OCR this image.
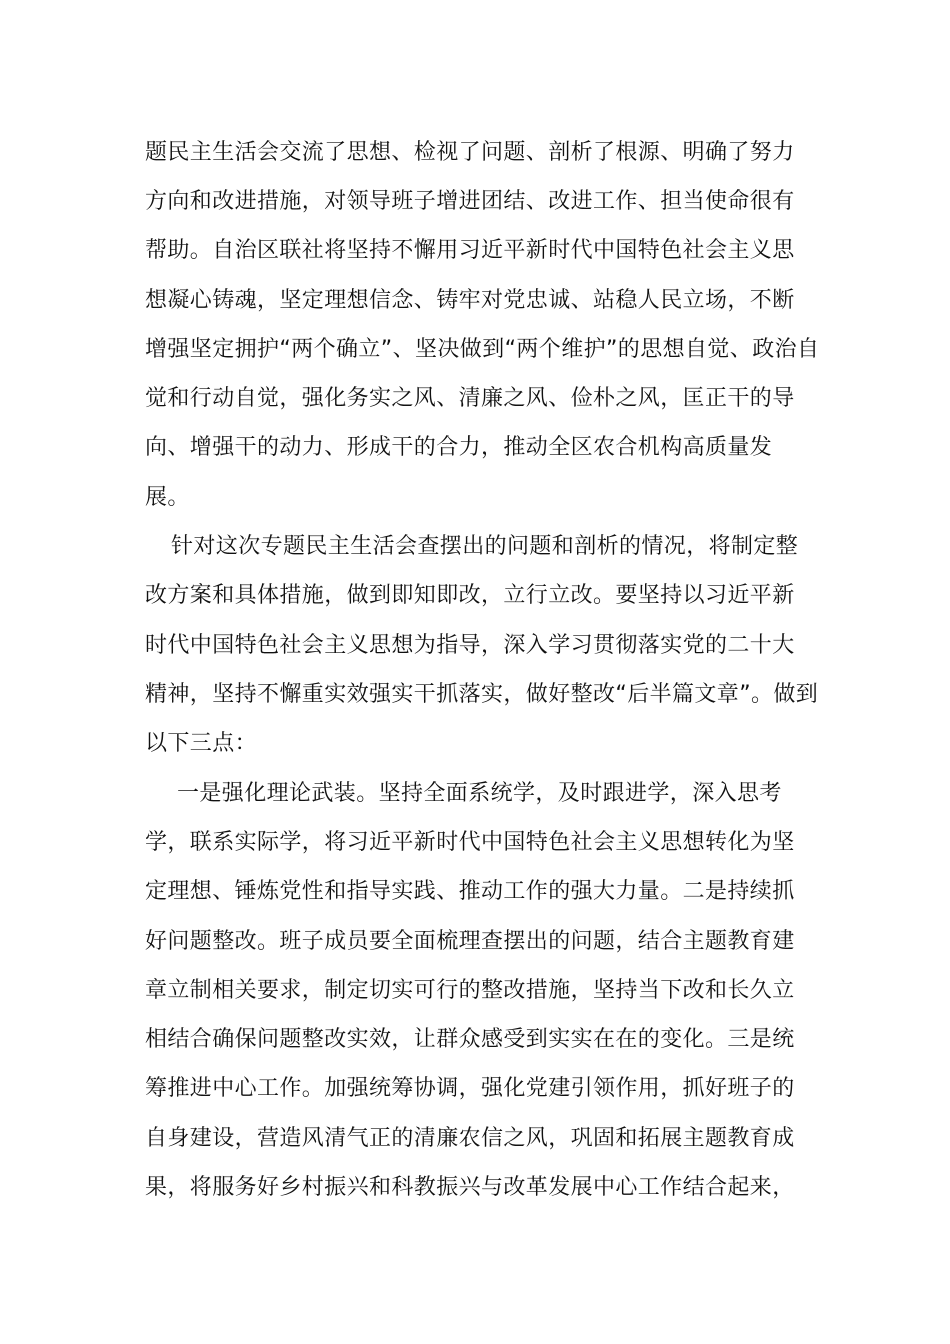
题民主生活会交流了思想、检视了问题、剖析了根源、明确了努力
方向和改进措施，对领导班子增进团结、改进工作、担当使命很有
帮助。自治区联社将坚持不懈用习近平新时代中国特色社会主义思
想凝心铸魂，坚定理想信念、铸牢对党忠诚、站稳人民立场，不断
增强坚定拥护“两个确立”、坚决做到“两个维护”的思想自觉、政治自
觉和行动自觉，强化务实之风、清廉之风、俭朴之风，匡正干的导
向、增强干的动力、形成干的合力，推动全区农合机构高质量发
展。
针对这次专题民主生活会查摆出的问题和剖析的情况，将制定整
改方案和具体措施，做到即知即改，立行立改。要坚持以习近平新
时代中国特色社会主义思想为指导，深入学习贯彻落实党的二十大
精神，坚持不懈重实效强实干抓落实，做好整改“后半篇文章”。做到
以下三点：
一是强化理论武装。坚持全面系统学，及时跟进学，深入思考
学，联系实际学，将习近平新时代中国特色社会主义思想转化为坚
定理想、锤炼党性和指导实践、推动工作的强大力量。二是持续抓
好问题整改。班子成员要全面梳理查摆出的问题，结合主题教育建
章立制相关要求，制定切实可行的整改措施，坚持当下改和长久立
相结合确保问题整改实效，让群众感受到实实在在的变化。三是统
筹推进中心工作。加强统筹协调，强化党建引领作用，抓好班子的
自身建设，营造风清气正的清廉农信之风，巩固和拓展主题教育成
果，将服务好乡村振兴和科教振兴与改革发展中心工作结合起来，
